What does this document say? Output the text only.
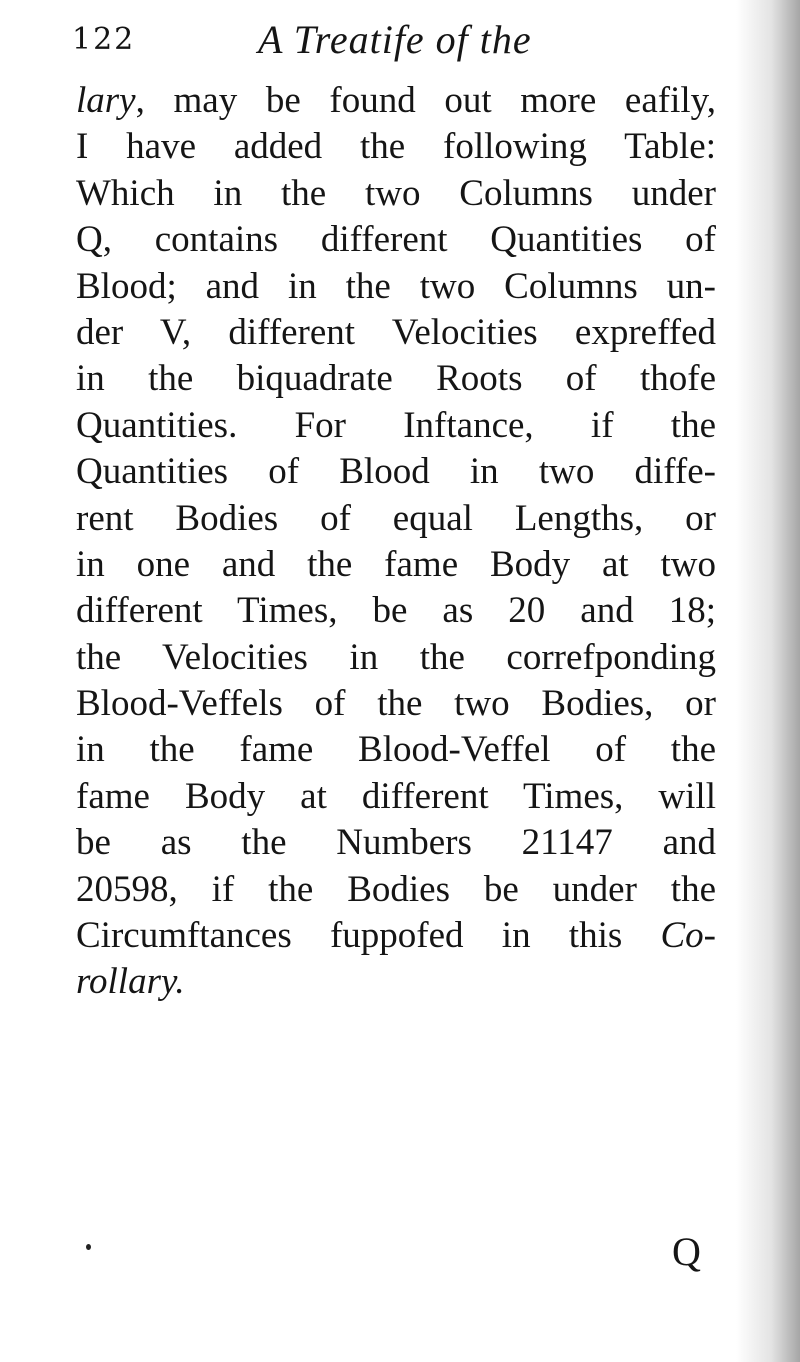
122	A Treatife of the
lary, may be found out more eafily,
I have added the following Table:
Which in the two Columns under
Q, contains different Quantities of
Blood; and in the two Columns un-
der V, different Velocities expreffed
in the biquadrate Roots of thofe
Quantities. For Inftance, if the
Quantities of Blood in two diffe-
rent Bodies of equal Lengths, or
in one and the fame Body at two
different Times, be as 20 and 18;
the Velocities in the correfponding
Blood-Veffels of the two Bodies, or
in the fame Blood-Veffel of the
fame Body at different Times, will
be as the Numbers 21147 and
20598, if the Bodies be under the
Circumftances fuppofed in this Co-
rollary.
Q
